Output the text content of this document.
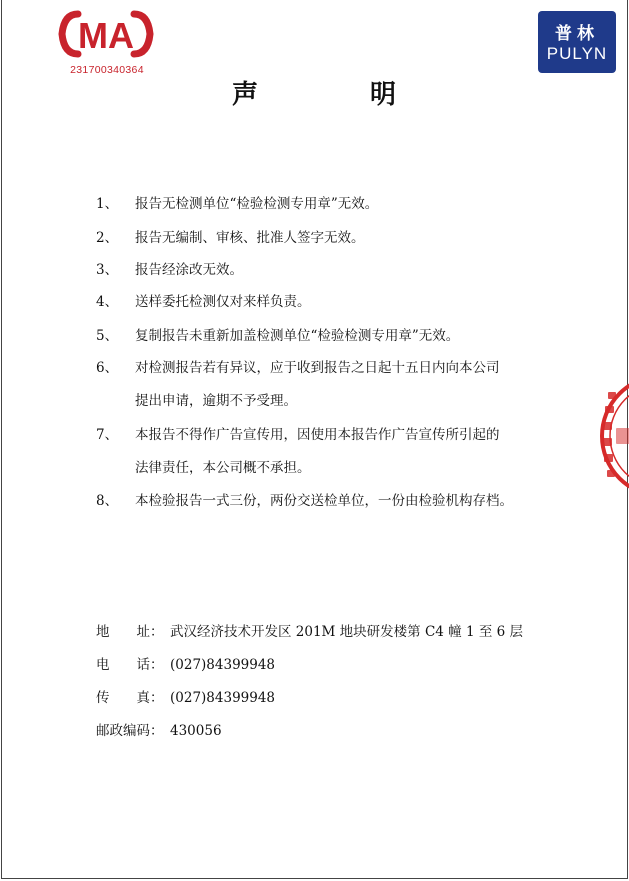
MA
231700340364
普林
PULYN
声	明
1、 报告无检测单位“检验检测专用章”无效。
2、 报告无编制、审核、批准人签字无效。
3、 报告经涂改无效。
4、 送样委托检测仅对来样负责。
5、 复制报告未重新加盖检测单位“检验检测专用章”无效。
6、 对检测报告若有异议，应于收到报告之日起十五日内向本公司
提出申请，逾期不予受理。
7、 本报告不得作广告宣传用，因使用本报告作广告宣传所引起的
法律责任，本公司概不承担。
8、 本检验报告一式三份，两份交送检单位，一份由检验机构存档。
地　　址： 武汉经济技术开发区 201M 地块研发楼第 C4 幢 1 至 6 层
电　　话： (027)84399948
传　　真： (027)84399948
邮政编码： 430056
